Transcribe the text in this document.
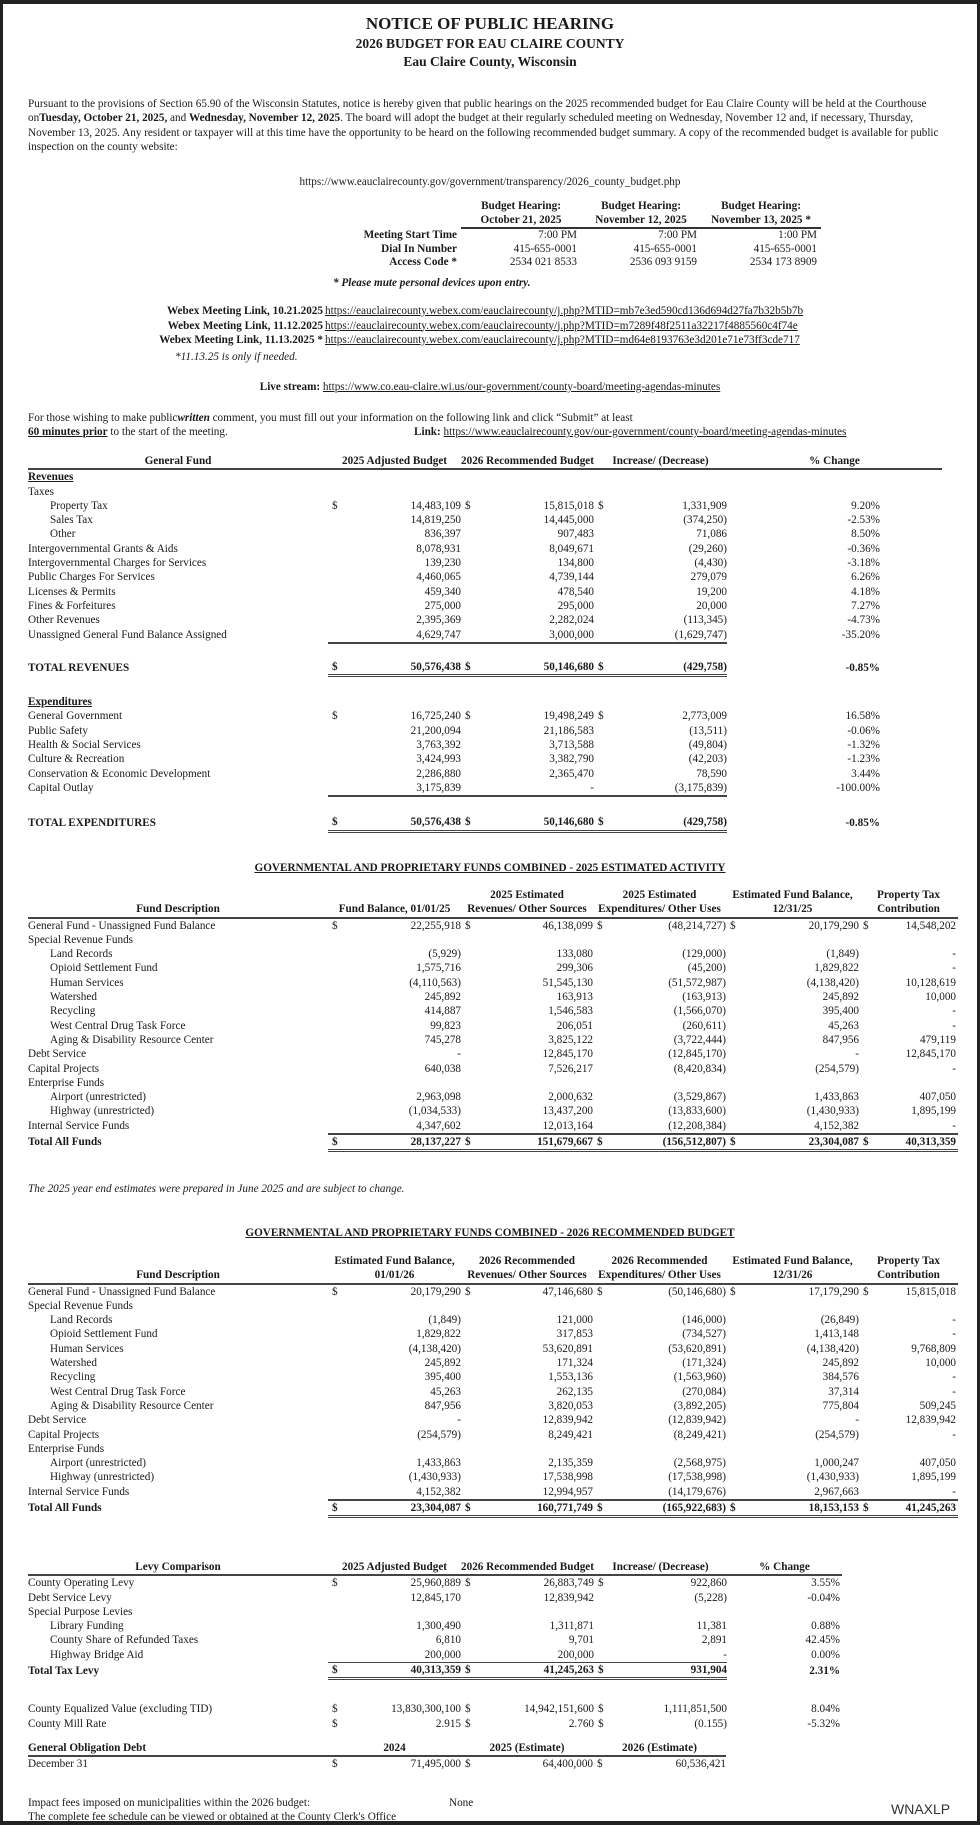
NOTICE OF PUBLIC HEARING
2026 BUDGET FOR EAU CLAIRE COUNTY
Eau Claire County, Wisconsin
Pursuant to the provisions of Section 65.90 of the Wisconsin Statutes, notice is hereby given that public hearings on the 2025 recommended budget for Eau Claire County will be held at the Courthouse onTuesday, October 21, 2025, and Wednesday, November 12, 2025. The board will adopt the budget at their regularly scheduled meeting on Wednesday, November 12 and, if necessary, Thursday, November 13, 2025. Any resident or taxpayer will at this time have the opportunity to be heard on the following recommended budget summary. A copy of the recommended budget is available for public inspection on the county website:
https://www.eauclairecounty.gov/government/transparency/2026_county_budget.php
	Budget Hearing:	Budget Hearing:	Budget Hearing:
	October 21, 2025	November 12, 2025	November 13, 2025 *
Meeting Start Time	7:00 PM	7:00 PM	1:00 PM
Dial In Number	415-655-0001	415-655-0001	415-655-0001
Access Code *	2534 021 8533	2536 093 9159	2534 173 8909
* Please mute personal devices upon entry.
Webex Meeting Link, 10.21.2025 https://eauclairecounty.webex.com/eauclairecounty/j.php?MTID=mb7e3ed590cd136d694d27fa7b32b5b7b
Webex Meeting Link, 11.12.2025 https://eauclairecounty.webex.com/eauclairecounty/j.php?MTID=m7289f48f2511a32217f4885560c4f74e
Webex Meeting Link, 11.13.2025 * https://eauclairecounty.webex.com/eauclairecounty/j.php?MTID=md64e8193763e3d201e71e73ff3cde717
*11.13.25 is only if needed.
Live stream: https://www.co.eau-claire.wi.us/our-government/county-board/meeting-agendas-minutes
For those wishing to make publicwritten comment, you must fill out your information on the following link and click “Submit” at least
60 minutes prior to the start of the meeting.	Link: https://www.eauclairecounty.gov/our-government/county-board/meeting-agendas-minutes
General Fund	2025 Adjusted Budget		2026 Recommended Budget		Increase/ (Decrease)		% Change
Revenues							
Taxes							
Property Tax	$	14,483,109	$	15,815,018	$	1,331,909	9.20%
Sales Tax		14,819,250		14,445,000		(374,250)	-2.53%
Other		836,397		907,483		71,086	8.50%
Intergovernmental Grants & Aids		8,078,931		8,049,671		(29,260)	-0.36%
Intergovernmental Charges for Services		139,230		134,800		(4,430)	-3.18%
Public Charges For Services		4,460,065		4,739,144		279,079	6.26%
Licenses & Permits		459,340		478,540		19,200	4.18%
Fines & Forfeitures		275,000		295,000		20,000	7.27%
Other Revenues		2,395,369		2,282,024		(113,345)	-4.73%
Unassigned General Fund Balance Assigned		4,629,747		3,000,000		(1,629,747)	-35.20%

TOTAL REVENUES	$	50,576,438	$	50,146,680	$	(429,758)	-0.85%

Expenditures							
General Government	$	16,725,240	$	19,498,249	$	2,773,009	16.58%
Public Safety		21,200,094		21,186,583		(13,511)	-0.06%
Health & Social Services		3,763,392		3,713,588		(49,804)	-1.32%
Culture & Recreation		3,424,993		3,382,790		(42,203)	-1.23%
Conservation & Economic Development		2,286,880		2,365,470		78,590	3.44%
Capital Outlay		3,175,839		-		(3,175,839)	-100.00%

TOTAL EXPENDITURES	$	50,576,438	$	50,146,680	$	(429,758)	-0.85%
GOVERNMENTAL AND PROPRIETARY FUNDS COMBINED - 2025 ESTIMATED ACTIVITY
Fund Description	Fund Balance, 01/01/25		2025 Estimated Revenues/ Other Sources		2025 Estimated Expenditures/ Other Uses		Estimated Fund Balance, 12/31/25		Property Tax Contribution	
General Fund - Unassigned Fund Balance	$	22,255,918	$	46,138,099	$	(48,214,727)	$	20,179,290	$	14,548,202
Special Revenue Funds										
Land Records		(5,929)		133,080		(129,000)		(1,849)		-
Opioid Settlement Fund		1,575,716		299,306		(45,200)		1,829,822		-
Human Services		(4,110,563)		51,545,130		(51,572,987)		(4,138,420)		10,128,619
Watershed		245,892		163,913		(163,913)		245,892		10,000
Recycling		414,887		1,546,583		(1,566,070)		395,400		-
West Central Drug Task Force		99,823		206,051		(260,611)		45,263		-
Aging & Disability Resource Center		745,278		3,825,122		(3,722,444)		847,956		479,119
Debt Service		-		12,845,170		(12,845,170)		-		12,845,170
Capital Projects		640,038		7,526,217		(8,420,834)		(254,579)		-
Enterprise Funds										
Airport (unrestricted)		2,963,098		2,000,632		(3,529,867)		1,433,863		407,050
Highway (unrestricted)		(1,034,533)		13,437,200		(13,833,600)		(1,430,933)		1,895,199
Internal Service Funds		4,347,602		12,013,164		(12,208,384)		4,152,382		-
Total All Funds	$	28,137,227	$	151,679,667	$	(156,512,807)	$	23,304,087	$	40,313,359
The 2025 year end estimates were prepared in June 2025 and are subject to change.
GOVERNMENTAL AND PROPRIETARY FUNDS COMBINED - 2026 RECOMMENDED BUDGET
Fund Description	Estimated Fund Balance, 01/01/26		2026 Recommended Revenues/ Other Sources		2026 Recommended Expenditures/ Other Uses		Estimated Fund Balance, 12/31/26		Property Tax Contribution	
General Fund - Unassigned Fund Balance	$	20,179,290	$	47,146,680	$	(50,146,680)	$	17,179,290	$	15,815,018
Special Revenue Funds										
Land Records		(1,849)		121,000		(146,000)		(26,849)		-
Opioid Settlement Fund		1,829,822		317,853		(734,527)		1,413,148		-
Human Services		(4,138,420)		53,620,891		(53,620,891)		(4,138,420)		9,768,809
Watershed		245,892		171,324		(171,324)		245,892		10,000
Recycling		395,400		1,553,136		(1,563,960)		384,576		-
West Central Drug Task Force		45,263		262,135		(270,084)		37,314		-
Aging & Disability Resource Center		847,956		3,820,053		(3,892,205)		775,804		509,245
Debt Service		-		12,839,942		(12,839,942)		-		12,839,942
Capital Projects		(254,579)		8,249,421		(8,249,421)		(254,579)		-
Enterprise Funds										
Airport (unrestricted)		1,433,863		2,135,359		(2,568,975)		1,000,247		407,050
Highway (unrestricted)		(1,430,933)		17,538,998		(17,538,998)		(1,430,933)		1,895,199
Internal Service Funds		4,152,382		12,994,957		(14,179,676)		2,967,663		-
Total All Funds	$	23,304,087	$	160,771,749	$	(165,922,683)	$	18,153,153	$	41,245,263
Levy Comparison	2025 Adjusted Budget		2026 Recommended Budget		Increase/ (Decrease)		% Change
County Operating Levy	$	25,960,889	$	26,883,749	$	922,860	3.55%
Debt Service Levy		12,845,170		12,839,942		(5,228)	-0.04%
Special Purpose Levies							
Library Funding		1,300,490		1,311,871		11,381	0.88%
County Share of Refunded Taxes		6,810		9,701		2,891	42.45%
Highway Bridge Aid		200,000		200,000		-	0.00%
Total Tax Levy	$	40,313,359	$	41,245,263	$	931,904	2.31%

County Equalized Value (excluding TID)	$	13,830,300,100	$	14,942,151,600	$	1,111,851,500	8.04%
County Mill Rate	$	2.915	$	2.760	$	(0.155)	-5.32%
General Obligation Debt	2024		2025 (Estimate)		2026 (Estimate)	
December 31	$	71,495,000	$	64,400,000	$	60,536,421
Impact fees imposed on municipalities within the 2026 budget:	None
The complete fee schedule can be viewed or obtained at the County Clerk's Office	WNAXLP
